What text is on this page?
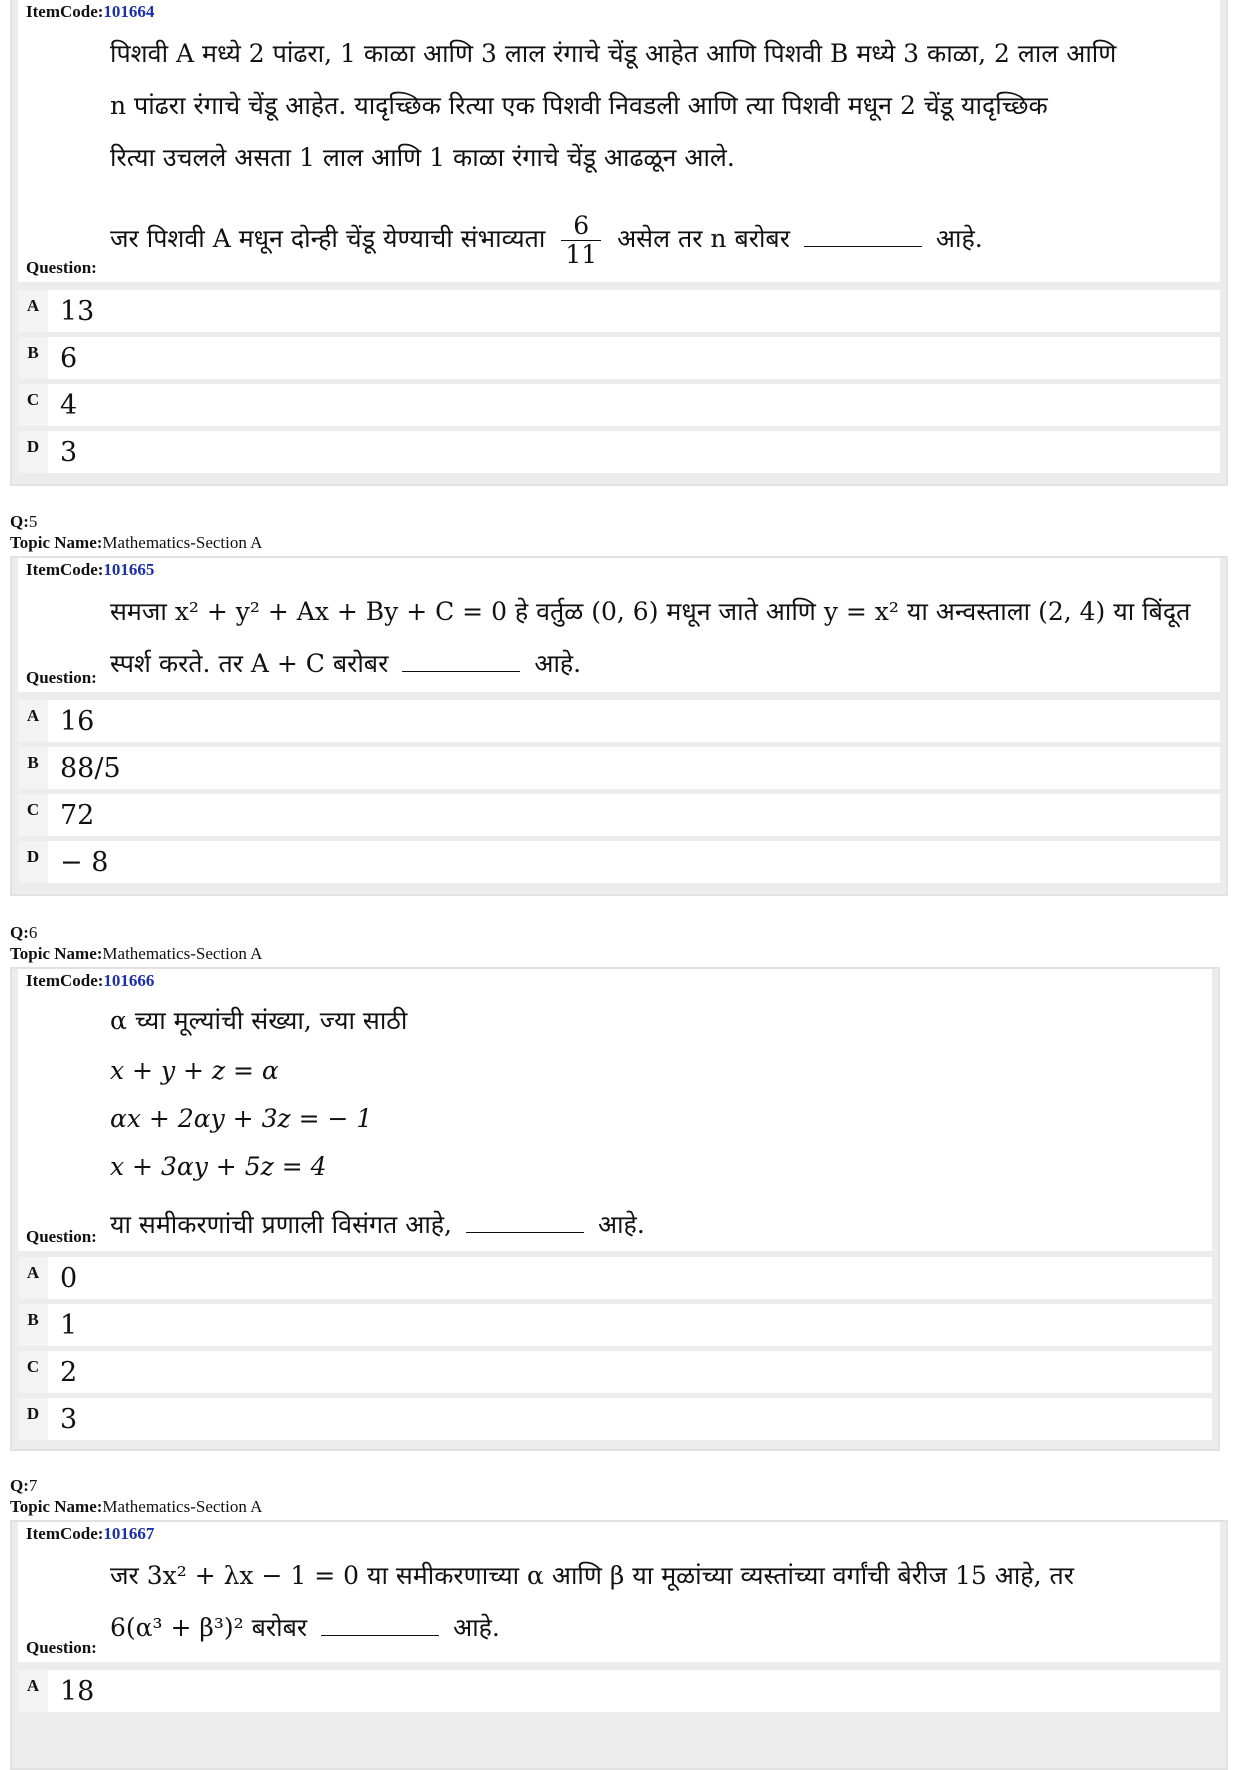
ItemCode:101664
पिशवी A मध्ये 2 पांढरा, 1 काळा आणि 3 लाल रंगाचे चेंडू आहेत आणि पिशवी B मध्ये 3 काळा, 2 लाल आणि
n पांढरा रंगाचे चेंडू आहेत. यादृच्छिक रित्या एक पिशवी निवडली आणि त्या पिशवी मधून 2 चेंडू यादृच्छिक
रित्या उचलले असता 1 लाल आणि 1 काळा रंगाचे चेंडू आढळून आले.
जर पिशवी A मधून दोन्ही चेंडू येण्याची संभाव्यता $\frac{6}{11}$ असेल तर n बरोबर	आहे.
Question:
A 13
B 6
C 4
D 3
Q:5
Topic Name:Mathematics-Section A
ItemCode:101665
समजा x² + y² + Ax + By + C = 0 हे वर्तुळ (0, 6) मधून जाते आणि y = x² या अन्वस्ताला (2, 4) या बिंदूत
स्पर्श करते. तर A + C बरोबर	आहे.
Question:
A 16
B 88/5
C 72
D − 8
Q:6
Topic Name:Mathematics-Section A
ItemCode:101666
α च्या मूल्यांची संख्या, ज्या साठी
x + y + z = α
αx + 2αy + 3z = − 1
x + 3αy + 5z = 4
या समीकरणांची प्रणाली विसंगत आहे,	आहे.
Question:
A 0
B 1
C 2
D 3
Q:7
Topic Name:Mathematics-Section A
ItemCode:101667
जर 3x² + λx − 1 = 0 या समीकरणाच्या α आणि β या मूळांच्या व्यस्तांच्या वर्गांची बेरीज 15 आहे, तर
6(α³ + β³)² बरोबर	आहे.
Question:
A 18
